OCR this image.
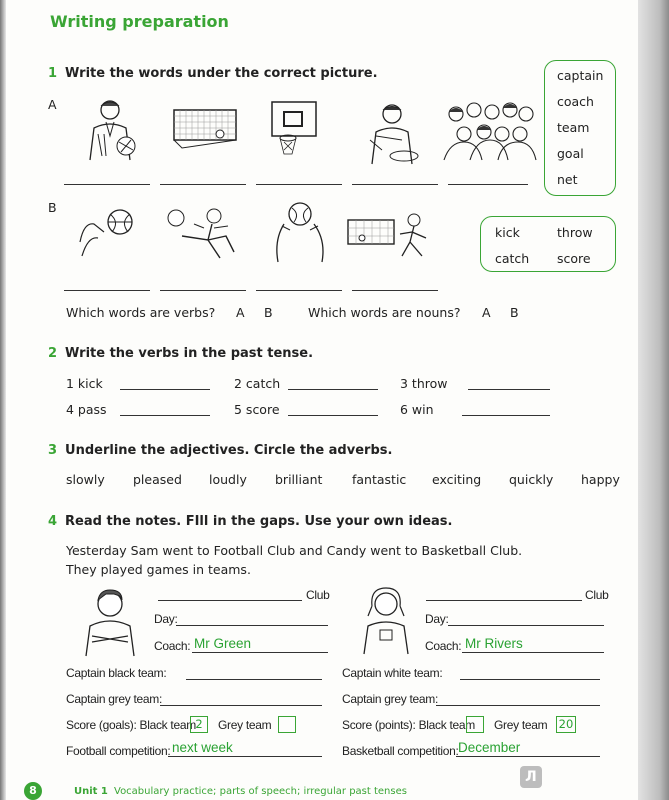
Writing preparation
1 Write the words under the correct picture.
A
captain
coach
team
goal
net
B
kick	throw
catch score
Which words are verbs? A B	Which words are nouns? A B
2 Write the verbs in the past tense.
1 kick	2 catch	3 throw
4 pass	5 score	6 win
3 Underline the adjectives. Circle the adverbs.
slowly pleased loudly brilliant fantastic exciting quickly happy
4 Read the notes. FIll in the gaps. Use your own ideas.
Yesterday Sam went to Football Club and Candy went to Basketball Club.
They played games in teams.
Club
Day:
Coach: Mr Green
Club
Day:
Coach: Mr Rivers
Captain black team:
Captain grey team:
Score (goals): Black team 2	Grey team
Football competition: next week
Captain white team:
Captain grey team:
Score (points): Black team Grey team 20
Basketball competition: December
8	Unit 1 Vocabulary practice; parts of speech; irregular past tenses
Л
